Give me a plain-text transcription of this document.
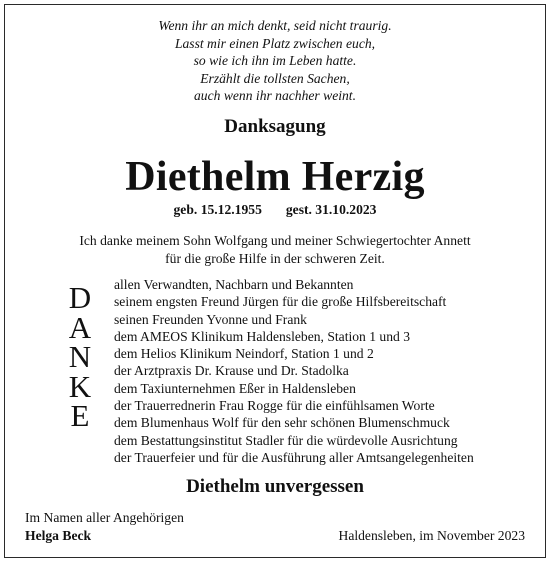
Wenn ihr an mich denkt, seid nicht traurig.
Lasst mir einen Platz zwischen euch,
so wie ich ihn im Leben hatte.
Erzählt die tollsten Sachen,
auch wenn ihr nachher weint.
Danksagung
Diethelm Herzig
geb. 15.12.1955 gest. 31.10.2023
Ich danke meinem Sohn Wolfgang und meiner Schwiegertochter Annett
für die große Hilfe in der schweren Zeit.
D
A
N
K
E
allen Verwandten, Nachbarn und Bekannten
seinem engsten Freund Jürgen für die große Hilfsbereitschaft
seinen Freunden Yvonne und Frank
dem AMEOS Klinikum Haldensleben, Station 1 und 3
dem Helios Klinikum Neindorf, Station 1 und 2
der Arztpraxis Dr. Krause und Dr. Stadolka
dem Taxiunternehmen Eßer in Haldensleben
der Trauerrednerin Frau Rogge für die einfühlsamen Worte
dem Blumenhaus Wolf für den sehr schönen Blumenschmuck
dem Bestattungsinstitut Stadler für die würdevolle Ausrichtung
der Trauerfeier und für die Ausführung aller Amtsangelegenheiten
Diethelm unvergessen
Im Namen aller Angehörigen
Helga Beck	Haldensleben, im November 2023
